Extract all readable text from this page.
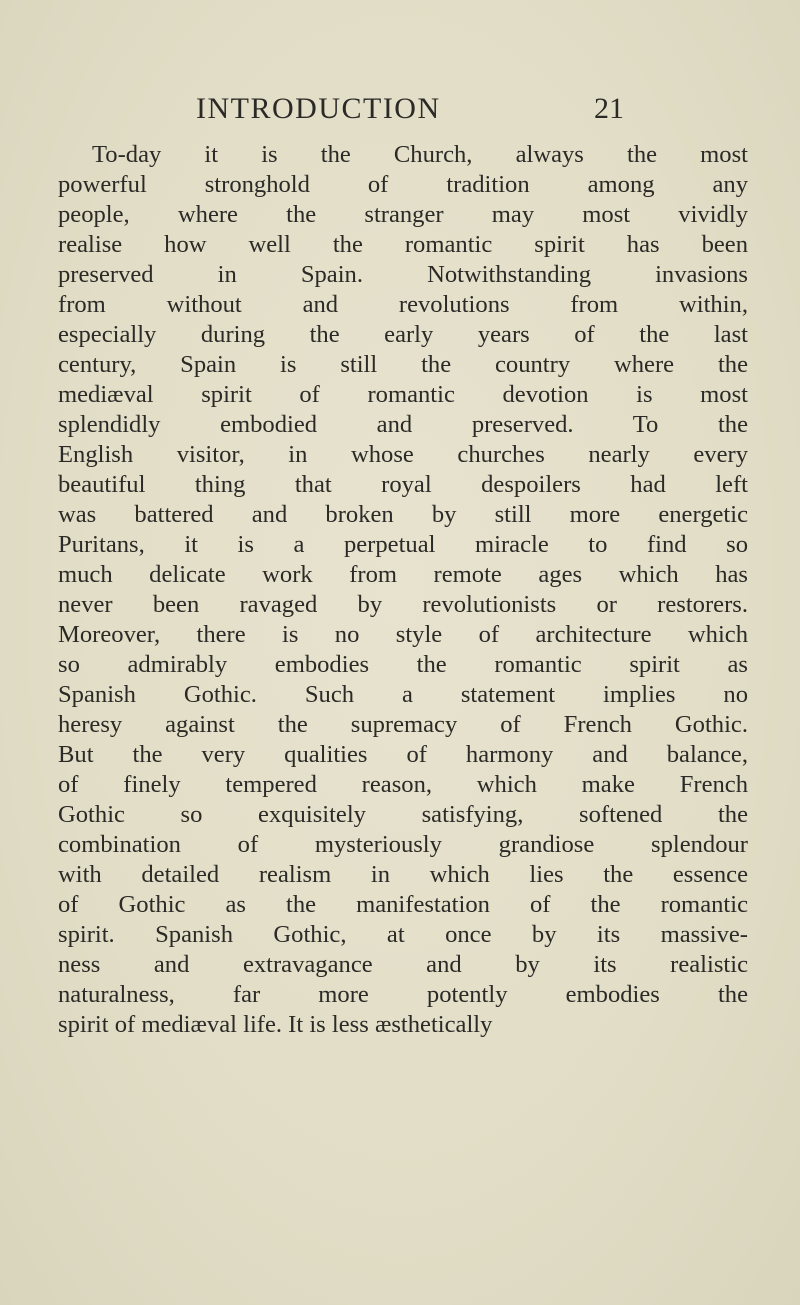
INTRODUCTION	21
To-day it is the Church, always the most
powerful stronghold of tradition among any
people, where the stranger may most vividly
realise how well the romantic spirit has been
preserved in Spain. Notwithstanding invasions
from without and revolutions from within,
especially during the early years of the last
century, Spain is still the country where the
mediæval spirit of romantic devotion is most
splendidly embodied and preserved. To the
English visitor, in whose churches nearly every
beautiful thing that royal despoilers had left
was battered and broken by still more energetic
Puritans, it is a perpetual miracle to find so
much delicate work from remote ages which has
never been ravaged by revolutionists or restorers.
Moreover, there is no style of architecture which
so admirably embodies the romantic spirit as
Spanish Gothic. Such a statement implies no
heresy against the supremacy of French Gothic.
But the very qualities of harmony and balance,
of finely tempered reason, which make French
Gothic so exquisitely satisfying, softened the
combination of mysteriously grandiose splendour
with detailed realism in which lies the essence
of Gothic as the manifestation of the romantic
spirit. Spanish Gothic, at once by its massive-
ness and extravagance and by its realistic
naturalness, far more potently embodies the
spirit of mediæval life. It is less æsthetically
